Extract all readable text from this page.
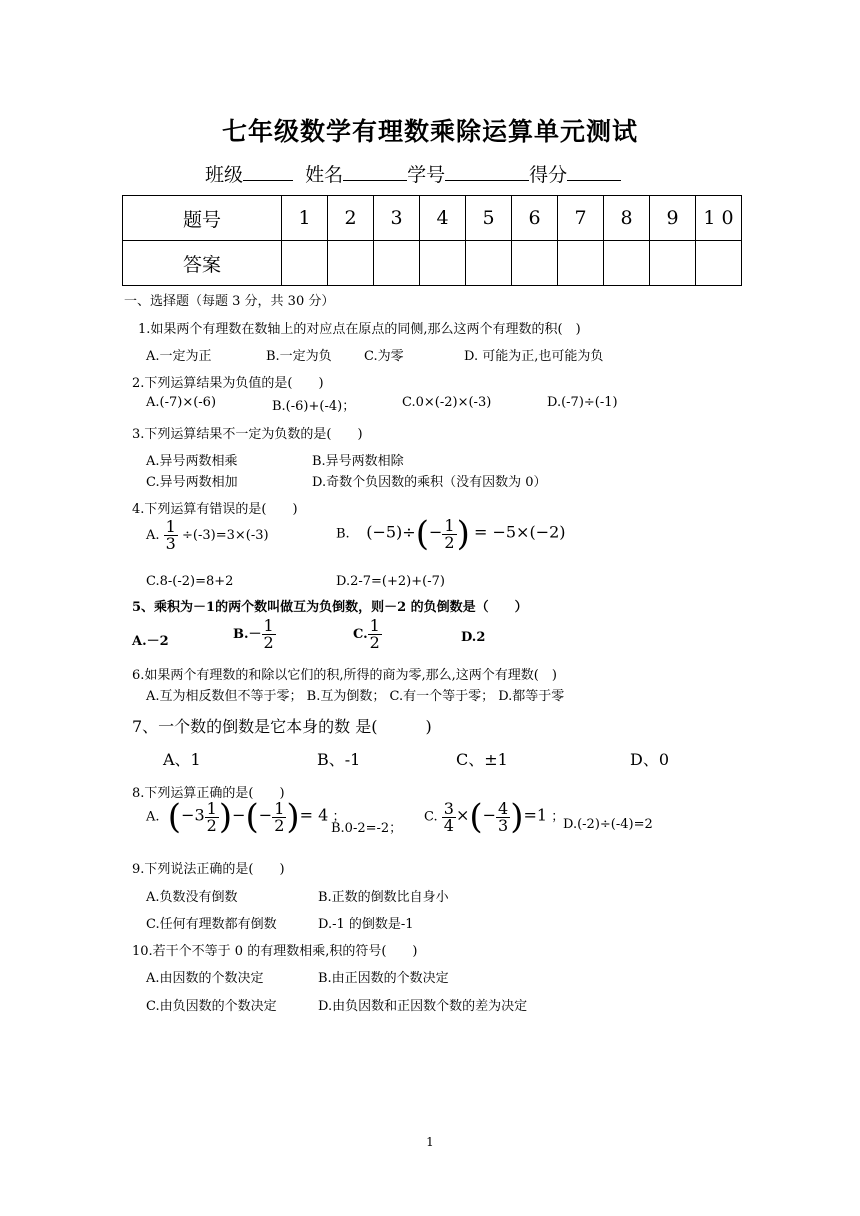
七年级数学有理数乘除运算单元测试
班级	姓名	学号	得分
题号	1	2	3	4	5	6	7	8	9	1 0
答案										
一、选择题（每题 3 分，共 30 分）
1.如果两个有理数在数轴上的对应点在原点的同侧,那么这两个有理数的积(　)
A.一定为正	B.一定为负 C.为零	D. 可能为正,也可能为负
2.下列运算结果为负值的是(　　)
A.(-7)×(-6)	B.(-6)+(-4)；	C.0×(-2)×(-3)	D.(-7)÷(-1)
3.下列运算结果不一定为负数的是(　　)
A.异号两数相乘	B.异号两数相除
C.异号两数相加	D.奇数个负因数的乘积（没有因数为 0）
4.下列运算有错误的是(　　)
A. $\frac{1}{3} \div(-3)=3\times(-3)$	B. $(-5)\div(- \frac{1}{2}$ ) = −5×(−2)
C.8-(-2)=8+2	D.2-7=(+2)+(-7)
5、乘积为－1的两个数叫做互为负倒数，则－2 的负倒数是（　　）
A.－2	$B.- \frac{1}{2}$	C. $\frac{1}{2}$	D.2
6.如果两个有理数的和除以它们的积,所得的商为零,那么,这两个有理数(　)
A.互为相反数但不等于零； B.互为倒数； C.有一个等于零； D.都等于零
7、一个数的倒数是它本身的数 是(　　　)
A、1	B、-1	C、±1	D、0
8.下列运算正确的是(　　)
A. ($-3 \frac{1}{2}$ )−(− $\frac{1}{2}$ )= 4 ；
B.0-2=-2；
C. $\frac{3}{4}$ ×(− $\frac{4}{3} )=1$ ；
D.(-2)÷(-4)=2
9.下列说法正确的是(　　)
A.负数没有倒数	B.正数的倒数比自身小
C.任何有理数都有倒数	D.-1 的倒数是-1
10.若干个不等于 0 的有理数相乘,积的符号(　　)
A.由因数的个数决定	B.由正因数的个数决定
C.由负因数的个数决定	D.由负因数和正因数个数的差为决定
1
